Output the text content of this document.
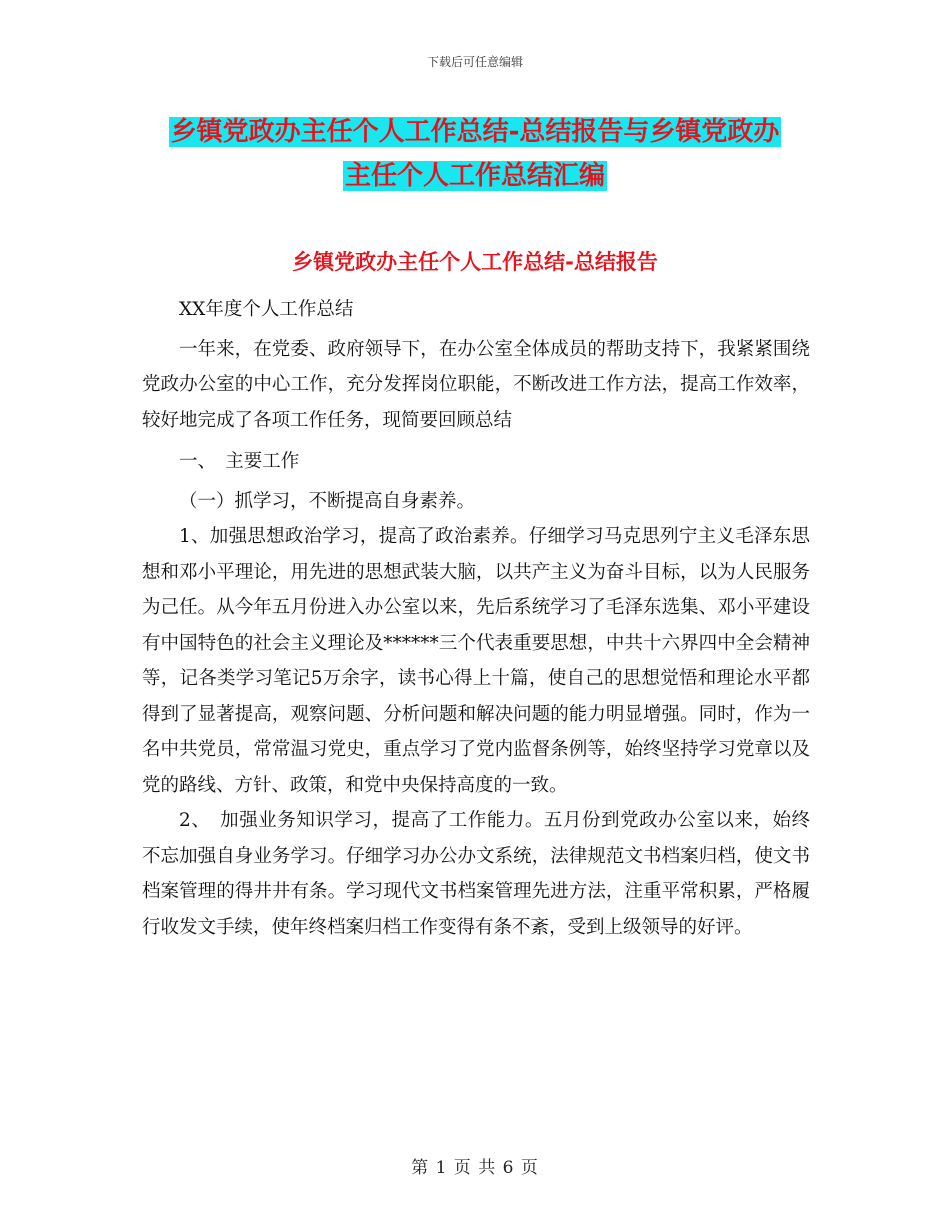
下载后可任意编辑
乡镇党政办主任个人工作总结-总结报告与乡镇党政办
主任个人工作总结汇编
乡镇党政办主任个人工作总结-总结报告

XX年度个人工作总结

一年来，在党委、政府领导下，在办公室全体成员的帮助支持下，我紧紧围绕党政办公室的中心工作，充分发挥岗位职能，不断改进工作方法，提高工作效率，较好地完成了各项工作任务，现简要回顾总结

一、　主要工作

（一）抓学习，不断提高自身素养。

1、加强思想政治学习，提高了政治素养。仔细学习马克思列宁主义毛泽东思想和邓小平理论，用先进的思想武装大脑，以共产主义为奋斗目标，以为人民服务为己任。从今年五月份进入办公室以来，先后系统学习了毛泽东选集、邓小平建设有中国特色的社会主义理论及******三个代表重要思想，中共十六界四中全会精神等，记各类学习笔记5万余字，读书心得上十篇，使自己的思想觉悟和理论水平都得到了显著提高，观察问题、分析问题和解决问题的能力明显增强。同时，作为一名中共党员，常常温习党史，重点学习了党内监督条例等，始终坚持学习党章以及党的路线、方针、政策，和党中央保持高度的一致。

2、　加强业务知识学习，提高了工作能力。五月份到党政办公室以来，始终不忘加强自身业务学习。仔细学习办公办文系统，法律规范文书档案归档，使文书档案管理的得井井有条。学习现代文书档案管理先进方法，注重平常积累，严格履行收发文手续，使年终档案归档工作变得有条不紊，受到上级领导的好评。

第 1 页 共 6 页
